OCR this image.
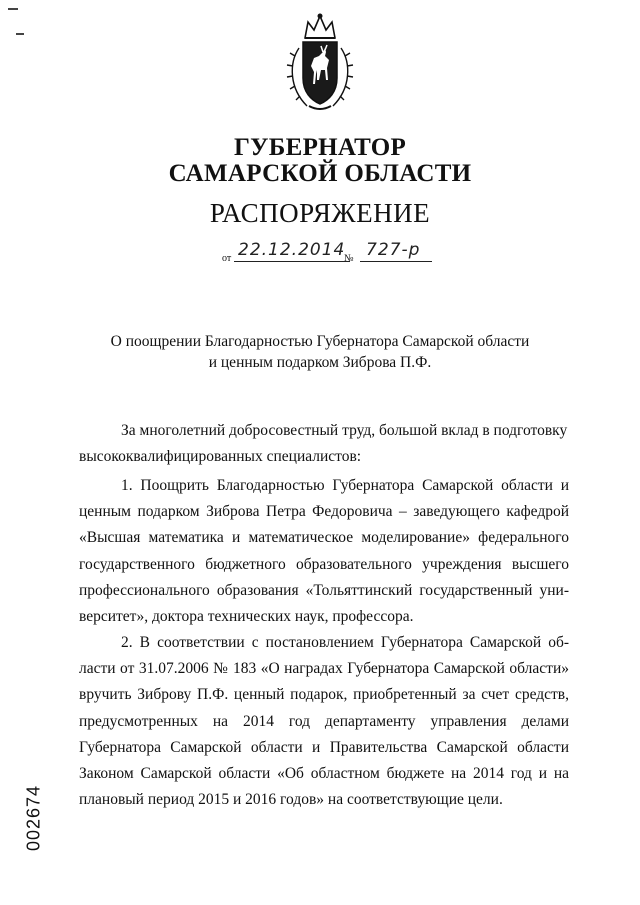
ГУБЕРНАТОР
САМАРСКОЙ ОБЛАСТИ
РАСПОРЯЖЕНИЕ
от 22.12.2014
№ 727-р
О поощрении Благодарностью Губернатора Самарской области
и ценным подарком Зиброва П.Ф.
За многолетний добросовестный труд, большой вклад в подготовку
высококвалифицированных специалистов:
1. Поощрить Благодарностью Губернатора Самарской области и
ценным подарком Зиброва Петра Федоровича – заведующего кафедрой
«Высшая математика и математическое моделирование» федерального
государственного бюджетного образовательного учреждения высшего
профессионального образования «Тольяттинский государственный уни-
верситет», доктора технических наук, профессора.
2. В соответствии с постановлением Губернатора Самарской об-
ласти от 31.07.2006 № 183 «О наградах Губернатора Самарской области»
вручить Зиброву П.Ф. ценный подарок, приобретенный за счет средств,
предусмотренных на 2014 год департаменту управления делами
Губернатора Самарской области и Правительства Самарской области
Законом Самарской области «Об областном бюджете на 2014 год и на
плановый период 2015 и 2016 годов» на соответствующие цели.
002674
